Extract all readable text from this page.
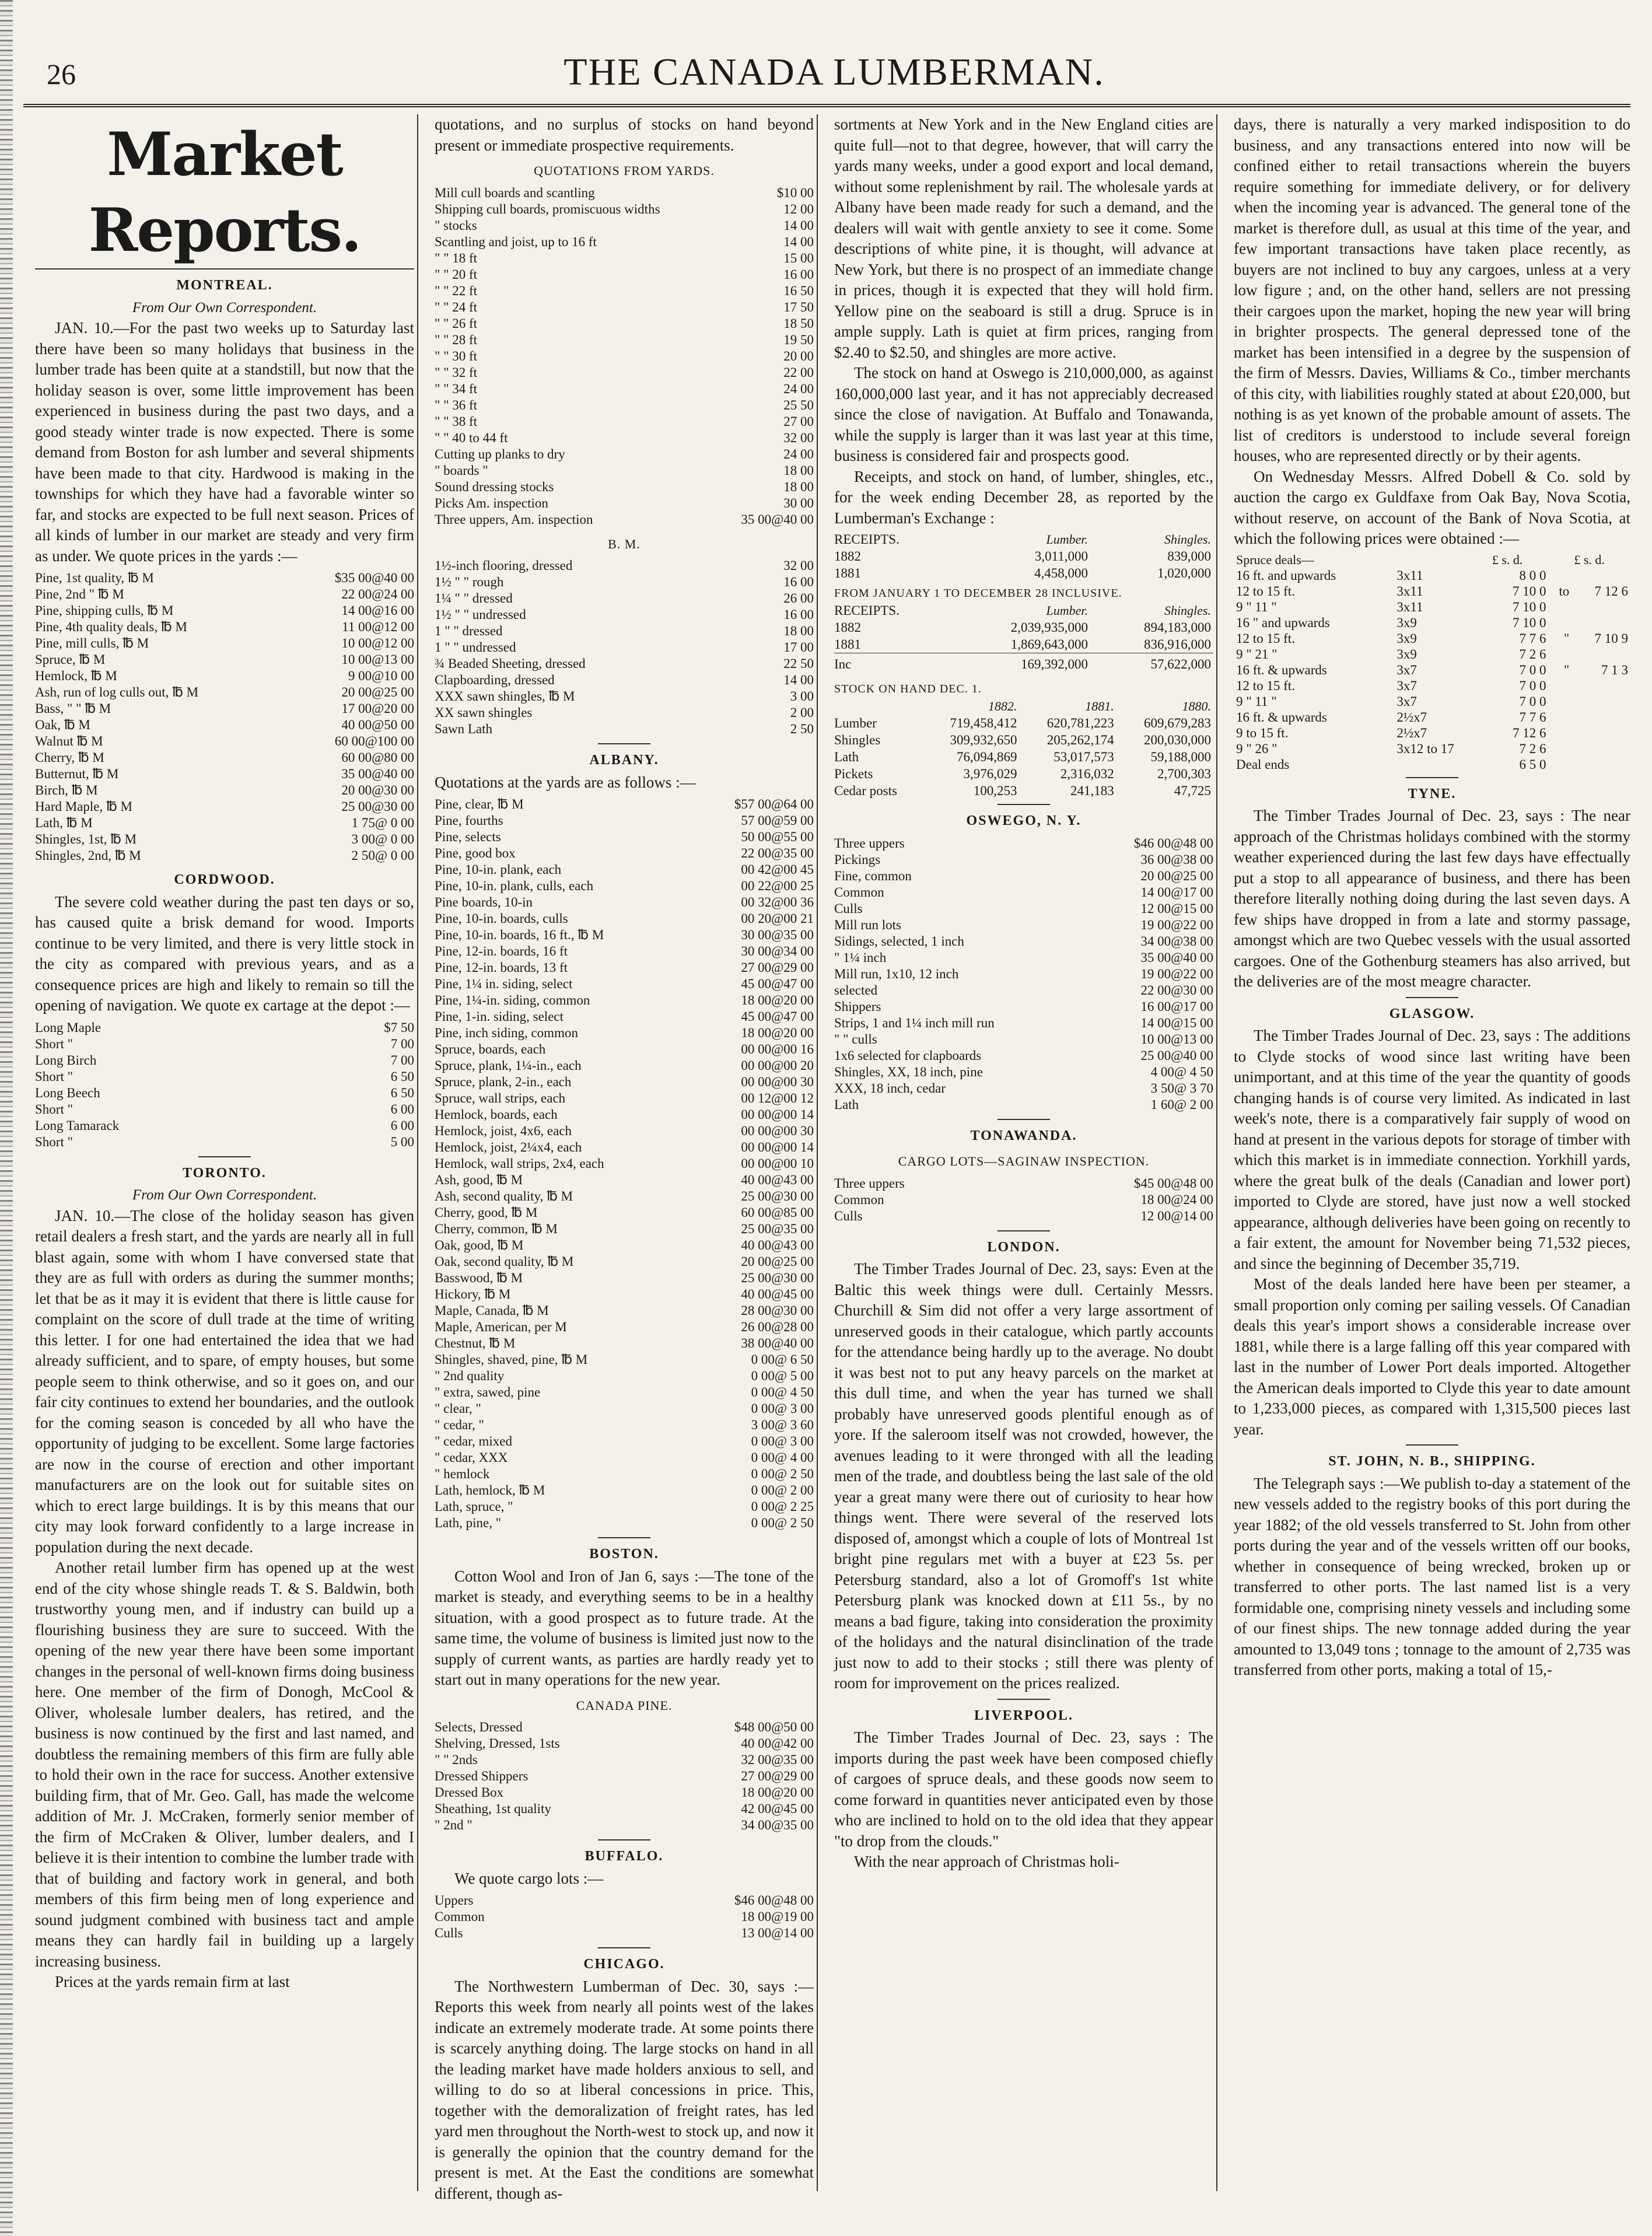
26	THE CANADA LUMBERMAN.
Market Reports.
MONTREAL.
From Our Own Correspondent.

JAN. 10.—For the past two weeks up to Saturday last there have been so many holidays that business in the lumber trade has been quite at a standstill, but now that the holiday season is over, some little improvement has been experienced in business during the past two days, and a good steady winter trade is now expected. There is some demand from Boston for ash lumber and several shipments have been made to that city. Hardwood is making in the townships for which they have had a favorable winter so far, and stocks are expected to be full next season. Prices of all kinds of lumber in our market are steady and very firm as under. We quote prices in the yards :—

Pine, 1st quality, ℔ M	$35 00@40 00
Pine, 2nd " ℔ M	22 00@24 00
Pine, shipping culls, ℔ M	14 00@16 00
Pine, 4th quality deals, ℔ M	11 00@12 00
Pine, mill culls, ℔ M	10 00@12 00
Spruce, ℔ M	10 00@13 00
Hemlock, ℔ M	9 00@10 00
Ash, run of log culls out, ℔ M	20 00@25 00
Bass, " " ℔ M	17 00@20 00
Oak, ℔ M	40 00@50 00
Walnut ℔ M	60 00@100 00
Cherry, ℔ M	60 00@80 00
Butternut, ℔ M	35 00@40 00
Birch, ℔ M	20 00@30 00
Hard Maple, ℔ M	25 00@30 00
Lath, ℔ M	1 75@ 0 00
Shingles, 1st, ℔ M	3 00@ 0 00
Shingles, 2nd, ℔ M	2 50@ 0 00
CORDWOOD.

The severe cold weather during the past ten days or so, has caused quite a brisk demand for wood. Imports continue to be very limited, and there is very little stock in the city as compared with previous years, and as a consequence prices are high and likely to remain so till the opening of navigation. We quote ex cartage at the depot :—

Long Maple	$7 50
Short "	7 00
Long Birch	7 00
Short "	6 50
Long Beech	6 50
Short "	6 00
Long Tamarack	6 00
Short "	5 00
TORONTO.
From Our Own Correspondent.

JAN. 10.—The close of the holiday season has given retail dealers a fresh start, and the yards are nearly all in full blast again, some with whom I have conversed state that they are as full with orders as during the summer months; let that be as it may it is evident that there is little cause for complaint on the score of dull trade at the time of writing this letter. I for one had entertained the idea that we had already sufficient, and to spare, of empty houses, but some people seem to think otherwise, and so it goes on, and our fair city continues to extend her boundaries, and the outlook for the coming season is conceded by all who have the opportunity of judging to be excellent. Some large factories are now in the course of erection and other important manufacturers are on the look out for suitable sites on which to erect large buildings. It is by this means that our city may look forward confidently to a large increase in population during the next decade.

Another retail lumber firm has opened up at the west end of the city whose shingle reads T. & S. Baldwin, both trustworthy young men, and if industry can build up a flourishing business they are sure to succeed. With the opening of the new year there have been some important changes in the personal of well-known firms doing business here. One member of the firm of Donogh, McCool & Oliver, wholesale lumber dealers, has retired, and the business is now continued by the first and last named, and doubtless the remaining members of this firm are fully able to hold their own in the race for success. Another extensive building firm, that of Mr. Geo. Gall, has made the welcome addition of Mr. J. McCraken, formerly senior member of the firm of McCraken & Oliver, lumber dealers, and I believe it is their intention to combine the lumber trade with that of building and factory work in general, and both members of this firm being men of long experience and sound judgment combined with business tact and ample means they can hardly fail in building up a largely increasing business.

Prices at the yards remain firm at last

quotations, and no surplus of stocks on hand beyond present or immediate prospective requirements.

QUOTATIONS FROM YARDS.
Mill cull boards and scantling	$10 00
Shipping cull boards, promiscuous widths	12 00
" stocks	14 00
Scantling and joist, up to 16 ft	14 00
" " 18 ft	15 00
" " 20 ft	16 00
" " 22 ft	16 50
" " 24 ft	17 50
" " 26 ft	18 50
" " 28 ft	19 50
" " 30 ft	20 00
" " 32 ft	22 00
" " 34 ft	24 00
" " 36 ft	25 50
" " 38 ft	27 00
" " 40 to 44 ft	32 00
Cutting up planks to dry	24 00
" boards "	18 00
Sound dressing stocks	18 00
Picks Am. inspection	30 00
Three uppers, Am. inspection	35 00@40 00
B. M.
1½-inch flooring, dressed	32 00
1½ " " rough	16 00
1¼ " " dressed	26 00
1½ " " undressed	16 00
1 " " dressed	18 00
1 " " undressed	17 00
¾ Beaded Sheeting, dressed	22 50
Clapboarding, dressed	14 00
XXX sawn shingles, ℔ M	3 00
XX sawn shingles	2 00
Sawn Lath	2 50
ALBANY.

Quotations at the yards are as follows :—

Pine, clear, ℔ M	$57 00@64 00
Pine, fourths	57 00@59 00
Pine, selects	50 00@55 00
Pine, good box	22 00@35 00
Pine, 10-in. plank, each	00 42@00 45
Pine, 10-in. plank, culls, each	00 22@00 25
Pine boards, 10-in	00 32@00 36
Pine, 10-in. boards, culls	00 20@00 21
Pine, 10-in. boards, 16 ft., ℔ M	30 00@35 00
Pine, 12-in. boards, 16 ft	30 00@34 00
Pine, 12-in. boards, 13 ft	27 00@29 00
Pine, 1¼ in. siding, select	45 00@47 00
Pine, 1¼-in. siding, common	18 00@20 00
Pine, 1-in. siding, select	45 00@47 00
Pine, inch siding, common	18 00@20 00
Spruce, boards, each	00 00@00 16
Spruce, plank, 1¼-in., each	00 00@00 20
Spruce, plank, 2-in., each	00 00@00 30
Spruce, wall strips, each	00 12@00 12
Hemlock, boards, each	00 00@00 14
Hemlock, joist, 4x6, each	00 00@00 30
Hemlock, joist, 2¼x4, each	00 00@00 14
Hemlock, wall strips, 2x4, each	00 00@00 10
Ash, good, ℔ M	40 00@43 00
Ash, second quality, ℔ M	25 00@30 00
Cherry, good, ℔ M	60 00@85 00
Cherry, common, ℔ M	25 00@35 00
Oak, good, ℔ M	40 00@43 00
Oak, second quality, ℔ M	20 00@25 00
Basswood, ℔ M	25 00@30 00
Hickory, ℔ M	40 00@45 00
Maple, Canada, ℔ M	28 00@30 00
Maple, American, per M	26 00@28 00
Chestnut, ℔ M	38 00@40 00
Shingles, shaved, pine, ℔ M	0 00@ 6 50
" 2nd quality	0 00@ 5 00
" extra, sawed, pine	0 00@ 4 50
" clear, "	0 00@ 3 00
" cedar, "	3 00@ 3 60
" cedar, mixed	0 00@ 3 00
" cedar, XXX	0 00@ 4 00
" hemlock	0 00@ 2 50
Lath, hemlock, ℔ M	0 00@ 2 00
Lath, spruce, "	0 00@ 2 25
Lath, pine, "	0 00@ 2 50
BOSTON.

Cotton Wool and Iron of Jan 6, says :—The tone of the market is steady, and everything seems to be in a healthy situation, with a good prospect as to future trade. At the same time, the volume of business is limited just now to the supply of current wants, as parties are hardly ready yet to start out in many operations for the new year.

CANADA PINE.
Selects, Dressed	$48 00@50 00
Shelving, Dressed, 1sts	40 00@42 00
" " 2nds	32 00@35 00
Dressed Shippers	27 00@29 00
Dressed Box	18 00@20 00
Sheathing, 1st quality	42 00@45 00
" 2nd "	34 00@35 00
BUFFALO.

We quote cargo lots :—

Uppers	$46 00@48 00
Common	18 00@19 00
Culls	13 00@14 00
CHICAGO.

The Northwestern Lumberman of Dec. 30, says :—Reports this week from nearly all points west of the lakes indicate an extremely moderate trade. At some points there is scarcely anything doing. The large stocks on hand in all the leading market have made holders anxious to sell, and willing to do so at liberal concessions in price. This, together with the demoralization of freight rates, has led yard men throughout the North-west to stock up, and now it is generally the opinion that the country demand for the present is met. At the East the conditions are somewhat different, though as-

sortments at New York and in the New England cities are quite full—not to that degree, however, that will carry the yards many weeks, under a good export and local demand, without some replenishment by rail. The wholesale yards at Albany have been made ready for such a demand, and the dealers will wait with gentle anxiety to see it come. Some descriptions of white pine, it is thought, will advance at New York, but there is no prospect of an immediate change in prices, though it is expected that they will hold firm. Yellow pine on the seaboard is still a drug. Spruce is in ample supply. Lath is quiet at firm prices, ranging from $2.40 to $2.50, and shingles are more active.

The stock on hand at Oswego is 210,000,000, as against 160,000,000 last year, and it has not appreciably decreased since the close of navigation. At Buffalo and Tonawanda, while the supply is larger than it was last year at this time, business is considered fair and prospects good.

Receipts, and stock on hand, of lumber, shingles, etc., for the week ending December 28, as reported by the Lumberman's Exchange :

RECEIPTS.	Lumber.	Shingles.
1882	3,011,000	839,000
1881	4,458,000	1,020,000
FROM JANUARY 1 TO DECEMBER 28 INCLUSIVE.		
RECEIPTS.	Lumber.	Shingles.
1882	2,039,935,000	894,183,000
1881	1,869,643,000	836,916,000

Inc	169,392,000	57,622,000
STOCK ON HAND DEC. 1.			
	1882.	1881.	1880.
Lumber	719,458,412	620,781,223	609,679,283
Shingles	309,932,650	205,262,174	200,030,000
Lath	76,094,869	53,017,573	59,188,000
Pickets	3,976,029	2,316,032	2,700,303
Cedar posts	100,253	241,183	47,725
OSWEGO, N. Y.
Three uppers	$46 00@48 00
Pickings	36 00@38 00
Fine, common	20 00@25 00
Common	14 00@17 00
Culls	12 00@15 00
Mill run lots	19 00@22 00
Sidings, selected, 1 inch	34 00@38 00
" 1¼ inch	35 00@40 00
Mill run, 1x10, 12 inch	19 00@22 00
selected	22 00@30 00
Shippers	16 00@17 00
Strips, 1 and 1¼ inch mill run	14 00@15 00
" " culls	10 00@13 00
1x6 selected for clapboards	25 00@40 00
Shingles, XX, 18 inch, pine	4 00@ 4 50
XXX, 18 inch, cedar	3 50@ 3 70
Lath	1 60@ 2 00
TONAWANDA.
CARGO LOTS—SAGINAW INSPECTION.
Three uppers	$45 00@48 00
Common	18 00@24 00
Culls	12 00@14 00
LONDON.

The Timber Trades Journal of Dec. 23, says: Even at the Baltic this week things were dull. Certainly Messrs. Churchill & Sim did not offer a very large assortment of unreserved goods in their catalogue, which partly accounts for the attendance being hardly up to the average. No doubt it was best not to put any heavy parcels on the market at this dull time, and when the year has turned we shall probably have unreserved goods plentiful enough as of yore. If the saleroom itself was not crowded, however, the avenues leading to it were thronged with all the leading men of the trade, and doubtless being the last sale of the old year a great many were there out of curiosity to hear how things went. There were several of the reserved lots disposed of, amongst which a couple of lots of Montreal 1st bright pine regulars met with a buyer at £23 5s. per Petersburg standard, also a lot of Gromoff's 1st white Petersburg plank was knocked down at £11 5s., by no means a bad figure, taking into consideration the proximity of the holidays and the natural disinclination of the trade just now to add to their stocks ; still there was plenty of room for improvement on the prices realized.

LIVERPOOL.

The Timber Trades Journal of Dec. 23, says : The imports during the past week have been composed chiefly of cargoes of spruce deals, and these goods now seem to come forward in quantities never anticipated even by those who are inclined to hold on to the old idea that they appear "to drop from the clouds."

With the near approach of Christmas holi-

days, there is naturally a very marked indisposition to do business, and any transactions entered into now will be confined either to retail transactions wherein the buyers require something for immediate delivery, or for delivery when the incoming year is advanced. The general tone of the market is therefore dull, as usual at this time of the year, and few important transactions have taken place recently, as buyers are not inclined to buy any cargoes, unless at a very low figure ; and, on the other hand, sellers are not pressing their cargoes upon the market, hoping the new year will bring in brighter prospects. The general depressed tone of the market has been intensified in a degree by the suspension of the firm of Messrs. Davies, Williams & Co., timber merchants of this city, with liabilities roughly stated at about £20,000, but nothing is as yet known of the probable amount of assets. The list of creditors is understood to include several foreign houses, who are represented directly or by their agents.

On Wednesday Messrs. Alfred Dobell & Co. sold by auction the cargo ex Guldfaxe from Oak Bay, Nova Scotia, without reserve, on account of the Bank of Nova Scotia, at which the following prices were obtained :—

Spruce deals—		£ s. d.		£ s. d.
16 ft. and upwards	3x11	8 0 0		
12 to 15 ft.	3x11	7 10 0	to	7 12 6
9 " 11 "	3x11	7 10 0		
16 " and upwards	3x9	7 10 0		
12 to 15 ft.	3x9	7 7 6	"	7 10 9
9 " 21 "	3x9	7 2 6		
16 ft. & upwards	3x7	7 0 0	"	7 1 3
12 to 15 ft.	3x7	7 0 0		
9 " 11 "	3x7	7 0 0		
16 ft. & upwards	2½x7	7 7 6		
9 to 15 ft.	2½x7	7 12 6		
9 " 26 "	3x12 to 17	7 2 6		
Deal ends		6 5 0		
TYNE.

The Timber Trades Journal of Dec. 23, says : The near approach of the Christmas holidays combined with the stormy weather experienced during the last few days have effectually put a stop to all appearance of business, and there has been therefore literally nothing doing during the last seven days. A few ships have dropped in from a late and stormy passage, amongst which are two Quebec vessels with the usual assorted cargoes. One of the Gothenburg steamers has also arrived, but the deliveries are of the most meagre character.

GLASGOW.

The Timber Trades Journal of Dec. 23, says : The additions to Clyde stocks of wood since last writing have been unimportant, and at this time of the year the quantity of goods changing hands is of course very limited. As indicated in last week's note, there is a comparatively fair supply of wood on hand at present in the various depots for storage of timber with which this market is in immediate connection. Yorkhill yards, where the great bulk of the deals (Canadian and lower port) imported to Clyde are stored, have just now a well stocked appearance, although deliveries have been going on recently to a fair extent, the amount for November being 71,532 pieces, and since the beginning of December 35,719.

Most of the deals landed here have been per steamer, a small proportion only coming per sailing vessels. Of Canadian deals this year's import shows a considerable increase over 1881, while there is a large falling off this year compared with last in the number of Lower Port deals imported. Altogether the American deals imported to Clyde this year to date amount to 1,233,000 pieces, as compared with 1,315,500 pieces last year.

ST. JOHN, N. B., SHIPPING.

The Telegraph says :—We publish to-day a statement of the new vessels added to the registry books of this port during the year 1882; of the old vessels transferred to St. John from other ports during the year and of the vessels written off our books, whether in consequence of being wrecked, broken up or transferred to other ports. The last named list is a very formidable one, comprising ninety vessels and including some of our finest ships. The new tonnage added during the year amounted to 13,049 tons ; tonnage to the amount of 2,735 was transferred from other ports, making a total of 15,-
